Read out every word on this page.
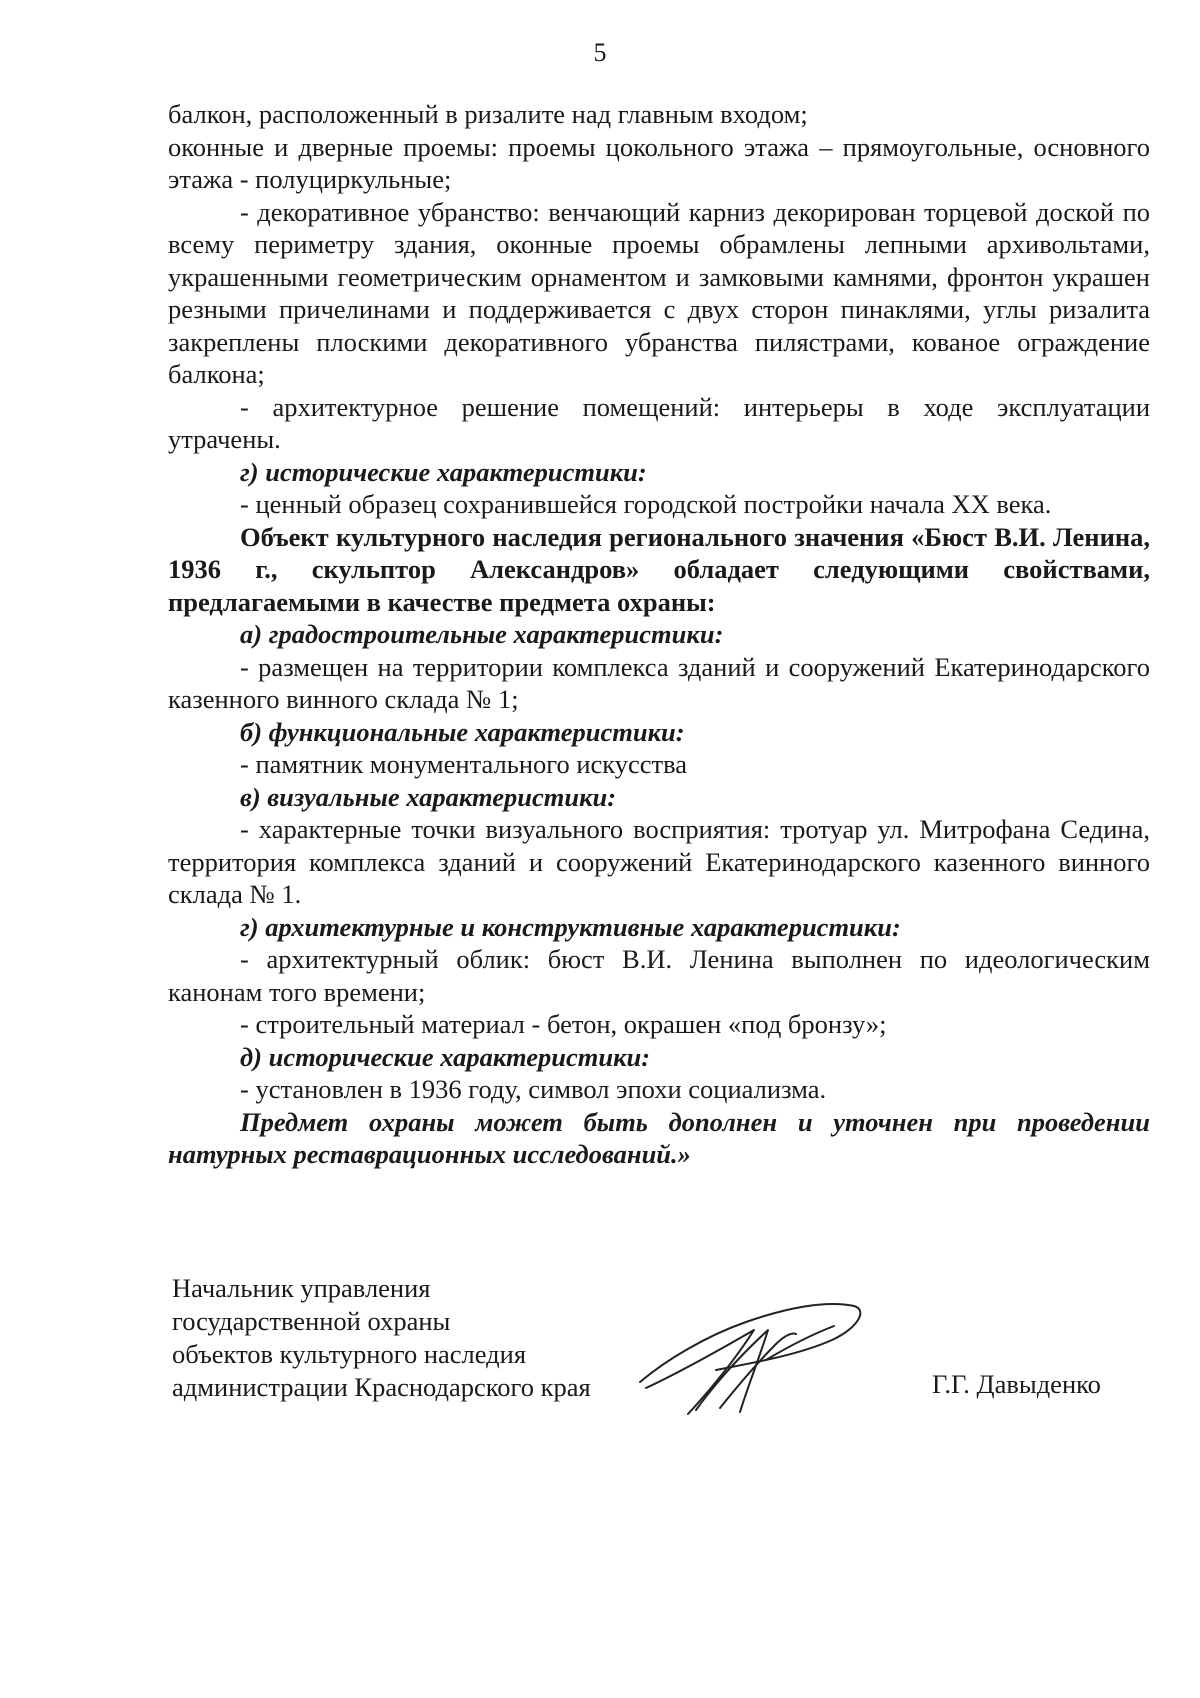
5

балкон, расположенный в ризалите над главным входом;

оконные и дверные проемы: проемы цокольного этажа – прямоугольные, основного этажа - полуциркульные;

- декоративное убранство: венчающий карниз декорирован торцевой доской по всему периметру здания, оконные проемы обрамлены лепными архивольтами, украшенными геометрическим орнаментом и замковыми камнями, фронтон украшен резными причелинами и поддерживается с двух сторон пинаклями, углы ризалита закреплены плоскими декоративного убранства пилястрами, кованое ограждение балкона;

- архитектурное решение помещений: интерьеры в ходе эксплуатации утрачены.

г) исторические характеристики:

- ценный образец сохранившейся городской постройки начала XX века.

Объект культурного наследия регионального значения «Бюст В.И. Ленина, 1936 г., скульптор Александров» обладает следующими свойствами, предлагаемыми в качестве предмета охраны:

а) градостроительные характеристики:

- размещен на территории комплекса зданий и сооружений Екатеринодарского казенного винного склада № 1;

б) функциональные характеристики:

- памятник монументального искусства

в) визуальные характеристики:

- характерные точки визуального восприятия: тротуар ул. Митрофана Седина, территория комплекса зданий и сооружений Екатеринодарского казенного винного склада № 1.

г) архитектурные и конструктивные характеристики:

- архитектурный облик: бюст В.И. Ленина выполнен по идеологическим канонам того времени;

- строительный материал - бетон, окрашен «под бронзу»;

д) исторические характеристики:

- установлен в 1936 году, символ эпохи социализма.

Предмет охраны может быть дополнен и уточнен при проведении натурных реставрационных исследований.»

Начальник управления
государственной охраны
объектов культурного наследия
администрации Краснодарского края	Г.Г. Давыденко
